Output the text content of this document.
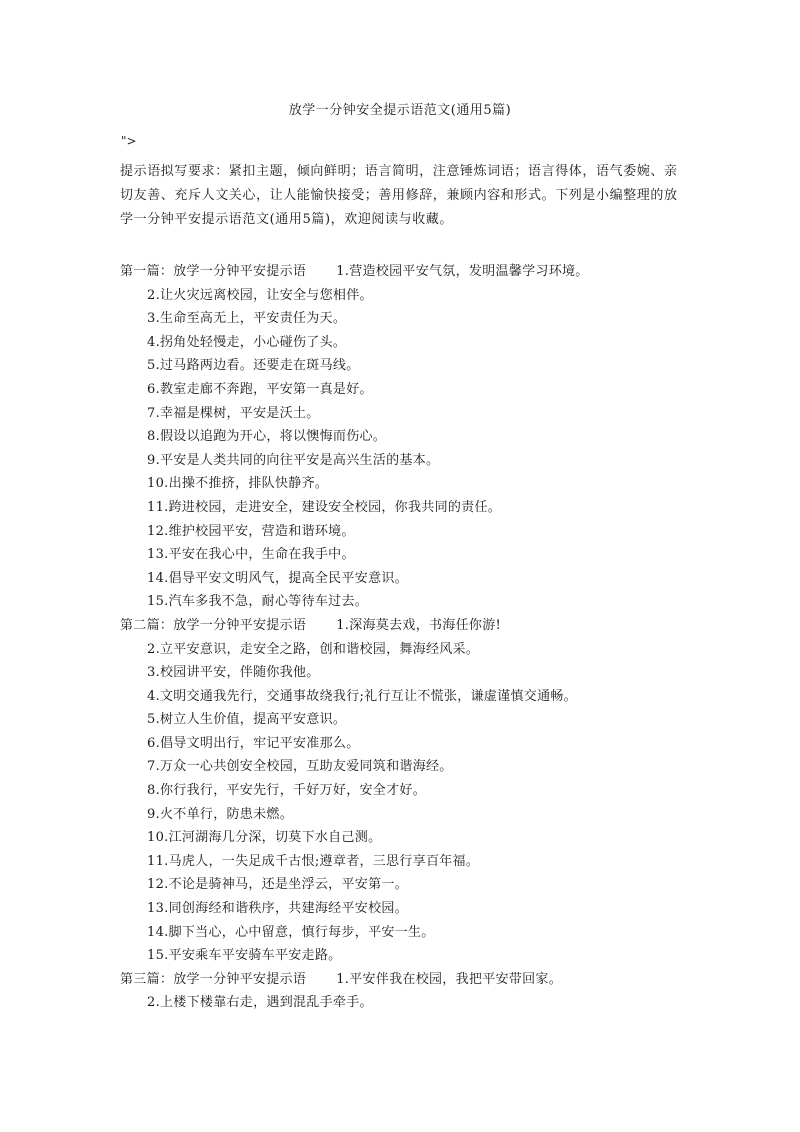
放学一分钟安全提示语范文(通用5篇)
">
提示语拟写要求：紧扣主题，倾向鲜明；语言简明，注意锤炼词语；语言得体，语气委婉、亲切友善、充斥人文关心，让人能愉快接受；善用修辞，兼顾内容和形式。下列是小编整理的放学一分钟平安提示语范文(通用5篇)，欢迎阅读与收藏。
第一篇：放学一分钟平安提示语 1.营造校园平安气氛，发明温馨学习环境。
2.让火灾远离校园，让安全与您相伴。
3.生命至高无上，平安责任为天。
4.拐角处轻慢走，小心碰伤了头。
5.过马路两边看。还要走在斑马线。
6.教室走廊不奔跑，平安第一真是好。
7.幸福是棵树，平安是沃土。
8.假设以追跑为开心，将以懊悔而伤心。
9.平安是人类共同的向往平安是高兴生活的基本。
10.出操不推挤，排队快静齐。
11.跨进校园，走进安全，建设安全校园，你我共同的责任。
12.维护校园平安，营造和谐环境。
13.平安在我心中，生命在我手中。
14.倡导平安文明风气，提高全民平安意识。
15.汽车多我不急，耐心等待车过去。
第二篇：放学一分钟平安提示语 1.深海莫去戏，书海任你游!
2.立平安意识，走安全之路，创和谐校园，舞海经风采。
3.校园讲平安，伴随你我他。
4.文明交通我先行，交通事故绕我行;礼行互让不慌张，谦虚谨慎交通畅。
5.树立人生价值，提高平安意识。
6.倡导文明出行，牢记平安准那么。
7.万众一心共创安全校园，互助友爱同筑和谐海经。
8.你行我行，平安先行，千好万好，安全才好。
9.火不单行，防患未燃。
10.江河湖海几分深，切莫下水自己测。
11.马虎人，一失足成千古恨;遵章者，三思行享百年福。
12.不论是骑神马，还是坐浮云，平安第一。
13.同创海经和谐秩序，共建海经平安校园。
14.脚下当心，心中留意，慎行每步，平安一生。
15.平安乘车平安骑车平安走路。
第三篇：放学一分钟平安提示语 1.平安伴我在校园，我把平安带回家。
2.上楼下楼靠右走，遇到混乱手牵手。
